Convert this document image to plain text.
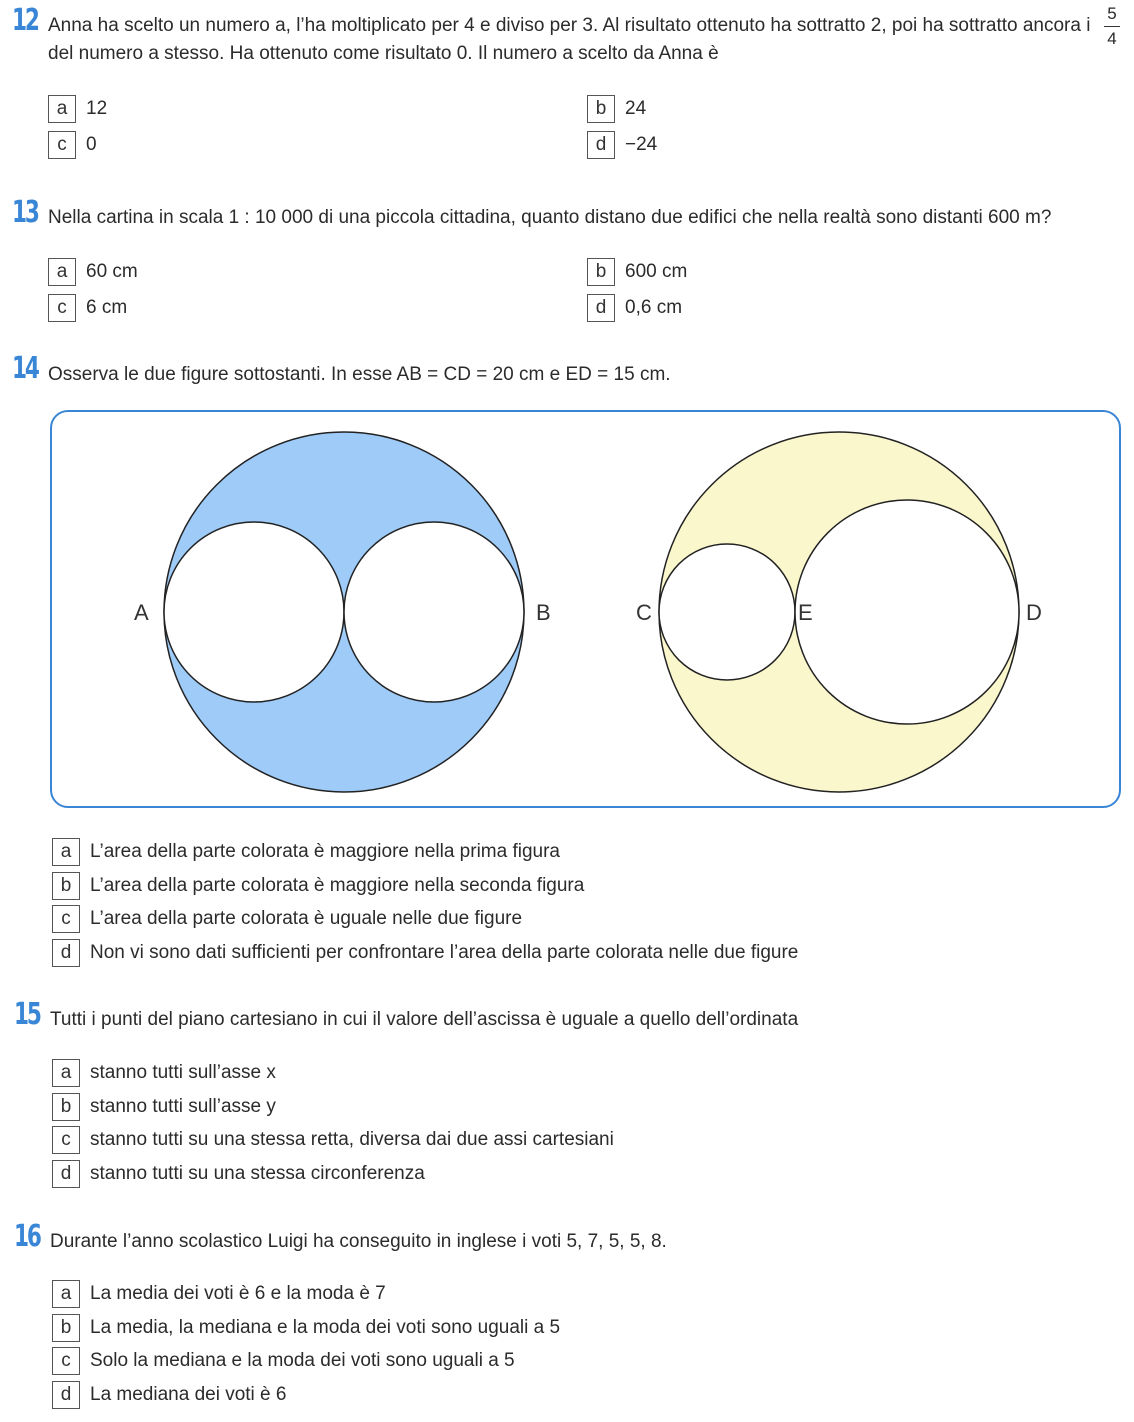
12 Anna ha scelto un numero a, l’ha moltiplicato per 4 e diviso per 3. Al risultato ottenuto ha sottratto 2, poi ha sottratto ancora i
5
4
del numero a stesso. Ha ottenuto come risultato 0. Il numero a scelto da Anna è
a 12	b 24
c	0	d −24
13 Nella cartina in scala 1 : 10 000 di una piccola cittadina, quanto distano due edifici che nella realtà sono distanti 600 m?
a 60 cm	b 600 cm
c	6 cm	d 0,6 cm
14 Osserva le due figure sottostanti. In esse AB = CD = 20 cm e ED = 15 cm.
A	B	C	E	D
a L’area della parte colorata è maggiore nella prima figura
b L’area della parte colorata è maggiore nella seconda figura
c	L’area della parte colorata è uguale nelle due figure
d Non vi sono dati sufficienti per confrontare l’area della parte colorata nelle due figure
15 Tutti i punti del piano cartesiano in cui il valore dell’ascissa è uguale a quello dell’ordinata
a stanno tutti sull’asse x
b stanno tutti sull’asse y
c	stanno tutti su una stessa retta, diversa dai due assi cartesiani
d stanno tutti su una stessa circonferenza
16 Durante l’anno scolastico Luigi ha conseguito in inglese i voti 5, 7, 5, 5, 8.
a La media dei voti è 6 e la moda è 7
b La media, la mediana e la moda dei voti sono uguali a 5
c	Solo la mediana e la moda dei voti sono uguali a 5
d La mediana dei voti è 6
